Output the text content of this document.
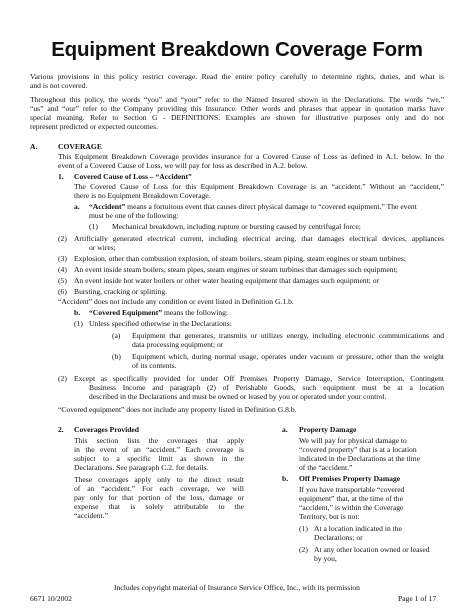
Equipment Breakdown Coverage Form
Various provisions in this policy restrict coverage. Read the entire policy carefully to determine rights, duties, and what is
and is not covered.
Throughout this policy, the words “you” and “your” refer to the Named Insured shown in the Declarations. The words “we,”
“us” and “our” refer to the Company providing this Insurance. Other words and phrases that appear in quotation marks have
special meaning. Refer to Section G - DEFINITIONS. Examples are shown for illustrative purposes only and do not
represent predicted or expected outcomes.
A.	COVERAGE
This Equipment Breakdown Coverage provides insurance for a Covered Cause of Loss as defined in A.1. below. In the
event of a Covered Cause of Loss, we will pay for loss as described in A.2. below.
1. Covered Cause of Loss – “Accident”
The Covered Cause of Loss for this Equipment Breakdown Coverage is an “accident.” Without an “accident,”
there is no Equipment Breakdown Coverage.
a. “Accident” means a fortuitous event that causes direct physical damage to “covered equipment.” The event
must be one of the following:
(1) Mechanical breakdown, including rupture or bursting caused by centrifugal force;
(2) Artificially generated electrical current, including electrical arcing, that damages electrical devices, appliances
or wires;
(3) Explosion, other than combustion explosion, of steam boilers, steam piping, steam engines or steam turbines;
(4) An event inside steam boilers, steam pipes, steam engines or steam turbines that damages such equipment;
(5) An event inside hot water boilers or other water heating equipment that damages such equipment; or
(6) Bursting, cracking or splitting.
“Accident” does not include any condition or event listed in Definition G.1.b.
b. “Covered Equipment” means the following:
(1) Unless specified otherwise in the Declarations:
(a) Equipment that generates, transmits or utilizes energy, including electronic communications and
data processing equipment; or
(b) Equipment which, during normal usage, operates under vacuum or pressure, other than the weight
of its contents.
(2) Except as specifically provided for under Off Premises Property Damage, Service Interruption, Contingent
Business Income and paragraph (2) of Perishable Goods, such equipment must be at a location
described in the Declarations and must be owned or leased by you or operated under your control.
“Covered equipment” does not include any property listed in Definition G.8.b.
2. Coverages Provided
This section lists the coverages that apply
in the event of an “accident.” Each coverage is
subject to a specific limit as shown in the
Declarations. See paragraph C.2. for details.
These coverages apply only to the direct result
of an “accident.” For each coverage, we will
pay only for that portion of the loss, damage or
expense that is solely attributable to the
“accident.”
a. Property Damage
We will pay for physical damage to
“covered property” that is at a location
indicated in the Declarations at the time
of the “accident.”
b. Off Premises Property Damage
If you have transportable “covered
equipment” that, at the time of the
“accident,” is within the Coverage
Territory, but is not:
(1) At a location indicated in the
Declarations; or
(2) At any other location owned or leased
by you,
Includes copyright material of Insurance Service Office, Inc., with its permission
6671 10/2002	Page 1 of 17
